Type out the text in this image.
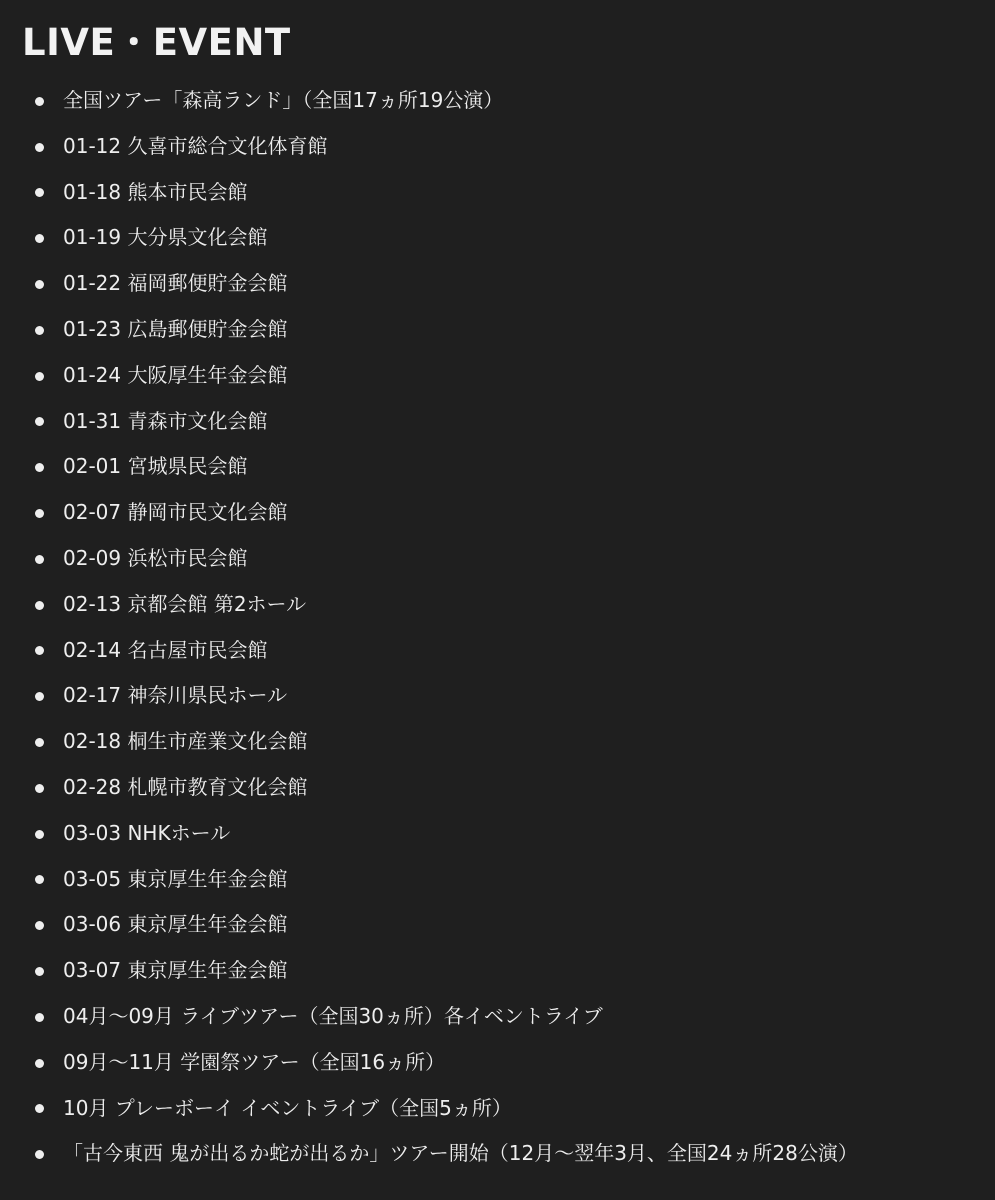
LIVE・EVENT
全国ツアー「森高ランド」（全国17ヵ所19公演）
01-12 久喜市総合文化体育館
01-18 熊本市民会館
01-19 大分県文化会館
01-22 福岡郵便貯金会館
01-23 広島郵便貯金会館
01-24 大阪厚生年金会館
01-31 青森市文化会館
02-01 宮城県民会館
02-07 静岡市民文化会館
02-09 浜松市民会館
02-13 京都会館 第2ホール
02-14 名古屋市民会館
02-17 神奈川県民ホール
02-18 桐生市産業文化会館
02-28 札幌市教育文化会館
03-03 NHKホール
03-05 東京厚生年金会館
03-06 東京厚生年金会館
03-07 東京厚生年金会館
04月〜09月 ライブツアー（全国30ヵ所）各イベントライブ
09月〜11月 学園祭ツアー（全国16ヵ所）
10月 プレーボーイ イベントライブ（全国5ヵ所）
「古今東西 鬼が出るか蛇が出るか」ツアー開始（12月〜翌年3月、全国24ヵ所28公演）
